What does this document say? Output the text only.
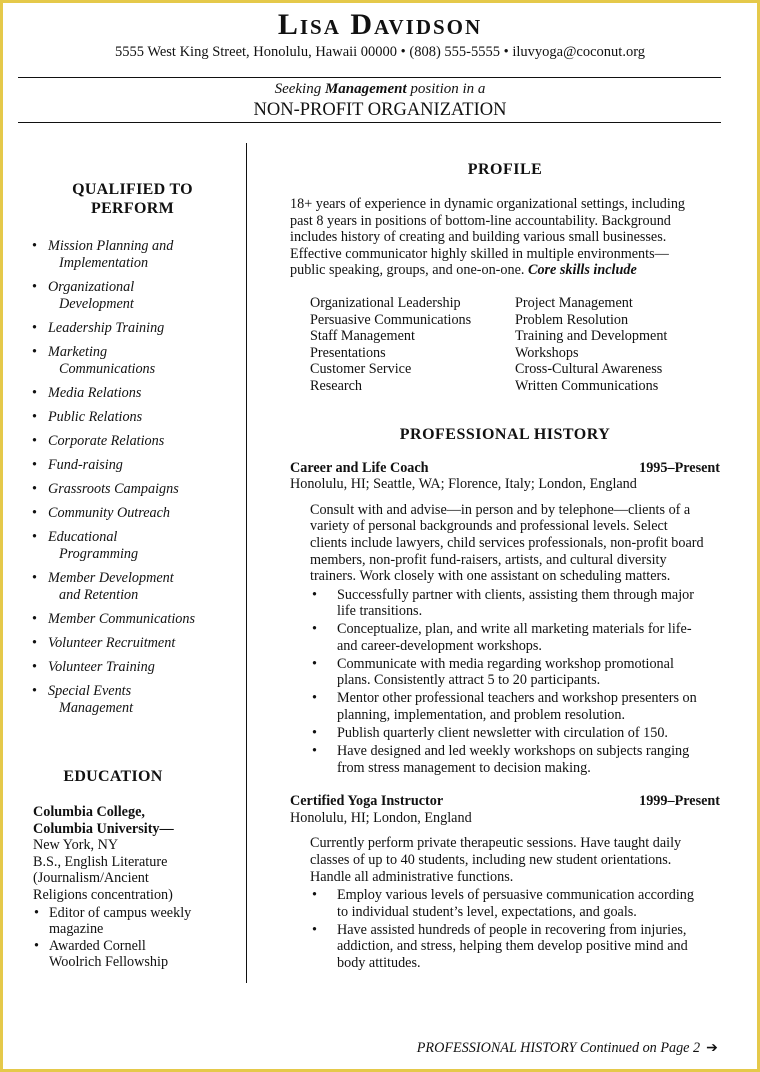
Lisa Davidson
5555 West King Street, Honolulu, Hawaii 00000 • (808) 555-5555 • iluvyoga@coconut.org
Seeking Management position in a
NON-PROFIT ORGANIZATION
QUALIFIED TO
PERFORM
• Mission Planning and
Implementation
• Organizational
Development
• Leadership Training
• Marketing
Communications
• Media Relations
• Public Relations
• Corporate Relations
• Fund-raising
• Grassroots Campaigns
• Community Outreach
• Educational
Programming
• Member Development
and Retention
• Member Communications
• Volunteer Recruitment
• Volunteer Training
• Special Events
Management
EDUCATION
Columbia College,
Columbia University—
New York, NY
B.S., English Literature
(Journalism/Ancient
Religions concentration)
• Editor of campus weekly
magazine
• Awarded Cornell
Woolrich Fellowship
PROFILE
18+ years of experience in dynamic organizational settings, including
past 8 years in positions of bottom-line accountability. Background
includes history of creating and building various small businesses.
Effective communicator highly skilled in multiple environments—
public speaking, groups, and one-on-one. Core skills include
Organizational Leadership
Persuasive Communications
Staff Management
Presentations
Customer Service
Research
Project Management
Problem Resolution
Training and Development
Workshops
Cross-Cultural Awareness
Written Communications
PROFESSIONAL HISTORY
Career and Life Coach	1995–Present
Honolulu, HI; Seattle, WA; Florence, Italy; London, England
Consult with and advise—in person and by telephone—clients of a
variety of personal backgrounds and professional levels. Select
clients include lawyers, child services professionals, non-profit board
members, non-profit fund-raisers, artists, and cultural diversity
trainers. Work closely with one assistant on scheduling matters.
• Successfully partner with clients, assisting them through major
life transitions.
• Conceptualize, plan, and write all marketing materials for life-
and career-development workshops.
• Communicate with media regarding workshop promotional
plans. Consistently attract 5 to 20 participants.
• Mentor other professional teachers and workshop presenters on
planning, implementation, and problem resolution.
• Publish quarterly client newsletter with circulation of 150.
• Have designed and led weekly workshops on subjects ranging
from stress management to decision making.
Certified Yoga Instructor	1999–Present
Honolulu, HI; London, England
Currently perform private therapeutic sessions. Have taught daily
classes of up to 40 students, including new student orientations.
Handle all administrative functions.
• Employ various levels of persuasive communication according
to individual student’s level, expectations, and goals.
• Have assisted hundreds of people in recovering from injuries,
addiction, and stress, helping them develop positive mind and
body attitudes.
PROFESSIONAL HISTORY Continued on Page 2 ➔
